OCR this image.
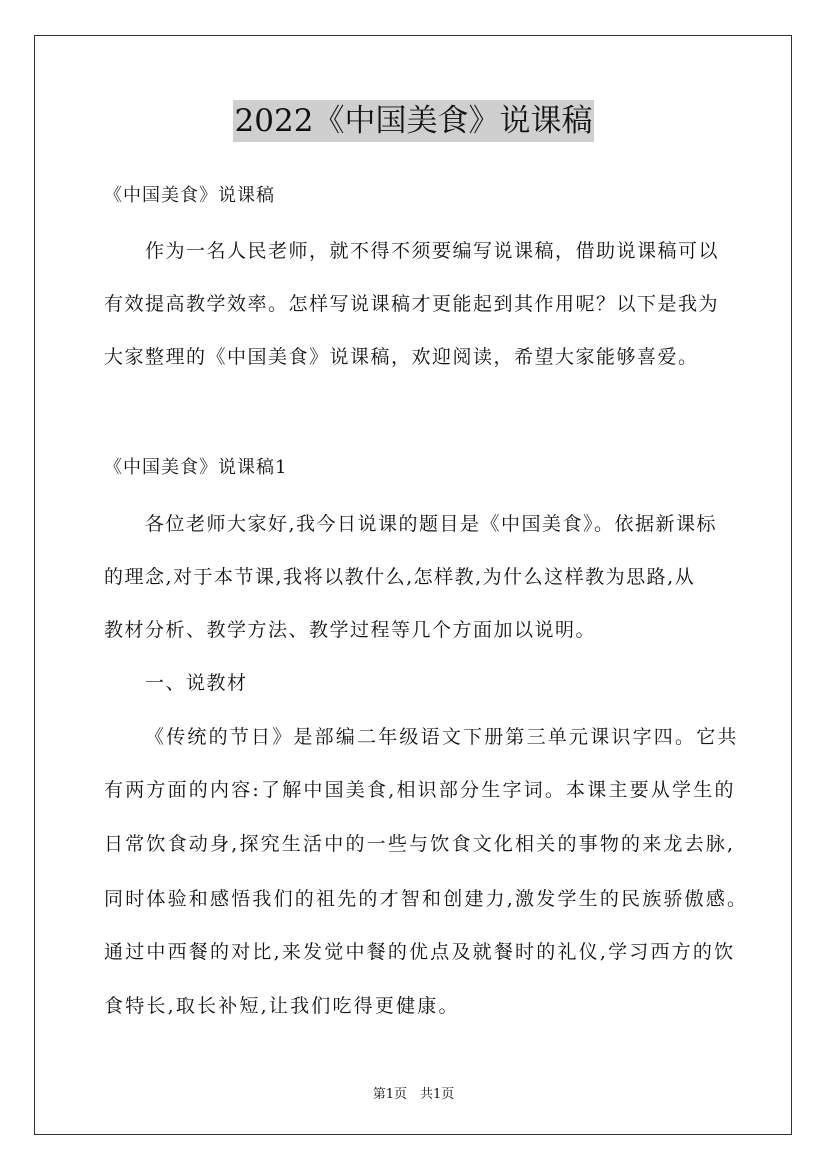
2022《中国美食》说课稿
《中国美食》说课稿
作为一名人民老师，就不得不须要编写说课稿，借助说课稿可以
有效提高教学效率。怎样写说课稿才更能起到其作用呢？以下是我为
大家整理的《中国美食》说课稿，欢迎阅读，希望大家能够喜爱。
《中国美食》说课稿1
各位老师大家好,我今日说课的题目是《中国美食》。依据新课标
的理念,对于本节课,我将以教什么,怎样教,为什么这样教为思路,从
教材分析、教学方法、教学过程等几个方面加以说明。
一、说教材
《传统的节日》是部编二年级语文下册第三单元课识字四。它共
有两方面的内容:了解中国美食,相识部分生字词。本课主要从学生的
日常饮食动身,探究生活中的一些与饮食文化相关的事物的来龙去脉,
同时体验和感悟我们的祖先的才智和创建力,激发学生的民族骄傲感。
通过中西餐的对比,来发觉中餐的优点及就餐时的礼仪,学习西方的饮
食特长,取长补短,让我们吃得更健康。
第1页　共1页
